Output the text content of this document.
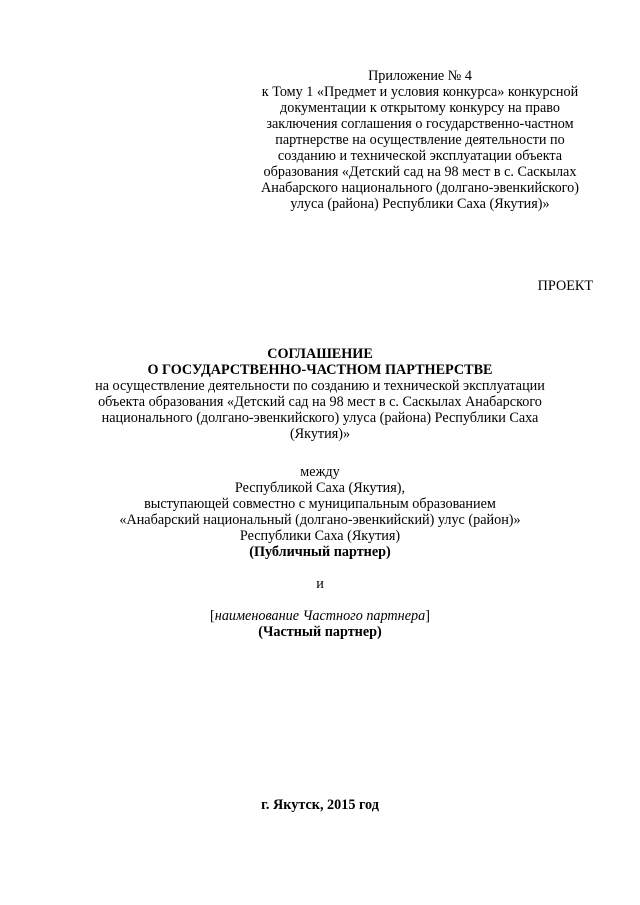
Приложение № 4

к Тому 1 «Предмет и условия конкурса» конкурсной

документации к открытому конкурсу на право

заключения соглашения о государственно-частном

партнерстве на осуществление деятельности по

созданию и технической эксплуатации объекта

образования «Детский сад на 98 мест в с. Саскылах

Анабарского национального (долгано-эвенкийского)

улуса (района) Республики Саха (Якутия)»

ПРОЕКТ

СОГЛАШЕНИЕ

О ГОСУДАРСТВЕННО-ЧАСТНОМ ПАРТНЕРСТВЕ

на осуществление деятельности по созданию и технической эксплуатации

объекта образования «Детский сад на 98 мест в с. Саскылах Анабарского

национального (долгано-эвенкийского) улуса (района) Республики Саха

(Якутия)»

между

Республикой Саха (Якутия),

выступающей совместно с муниципальным образованием

«Анабарский национальный (долгано-эвенкийский) улус (район)»

Республики Саха (Якутия)

(Публичный партнер)

и

[наименование Частного партнера]

(Частный партнер)

г. Якутск, 2015 год
